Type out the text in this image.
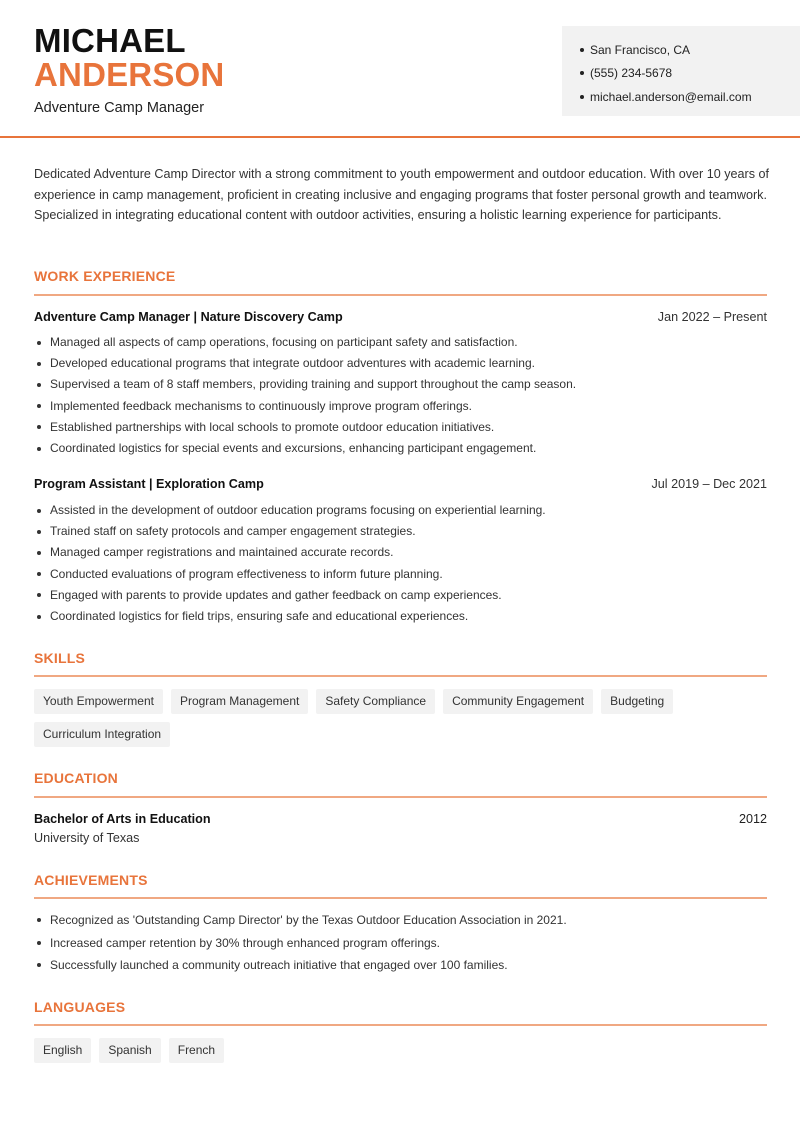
MICHAEL
ANDERSON
Adventure Camp Manager
San Francisco, CA
(555) 234-5678
michael.anderson@email.com

Dedicated Adventure Camp Director with a strong commitment to youth empowerment and outdoor education. With over 10 years of experience in camp management, proficient in creating inclusive and engaging programs that foster personal growth and teamwork. Specialized in integrating educational content with outdoor activities, ensuring a holistic learning experience for participants.

WORK EXPERIENCE
Adventure Camp Manager | Nature Discovery Camp	Jan 2022 – Present
Managed all aspects of camp operations, focusing on participant safety and satisfaction.
Developed educational programs that integrate outdoor adventures with academic learning.
Supervised a team of 8 staff members, providing training and support throughout the camp season.
Implemented feedback mechanisms to continuously improve program offerings.
Established partnerships with local schools to promote outdoor education initiatives.
Coordinated logistics for special events and excursions, enhancing participant engagement.
Program Assistant | Exploration Camp	Jul 2019 – Dec 2021
Assisted in the development of outdoor education programs focusing on experiential learning.
Trained staff on safety protocols and camper engagement strategies.
Managed camper registrations and maintained accurate records.
Conducted evaluations of program effectiveness to inform future planning.
Engaged with parents to provide updates and gather feedback on camp experiences.
Coordinated logistics for field trips, ensuring safe and educational experiences.
SKILLS
Youth Empowerment	Program Management	Safety Compliance	Community Engagement	Budgeting
Curriculum Integration
EDUCATION
Bachelor of Arts in Education	2012
University of Texas
ACHIEVEMENTS
Recognized as 'Outstanding Camp Director' by the Texas Outdoor Education Association in 2021.
Increased camper retention by 30% through enhanced program offerings.
Successfully launched a community outreach initiative that engaged over 100 families.
LANGUAGES
English	Spanish	French
